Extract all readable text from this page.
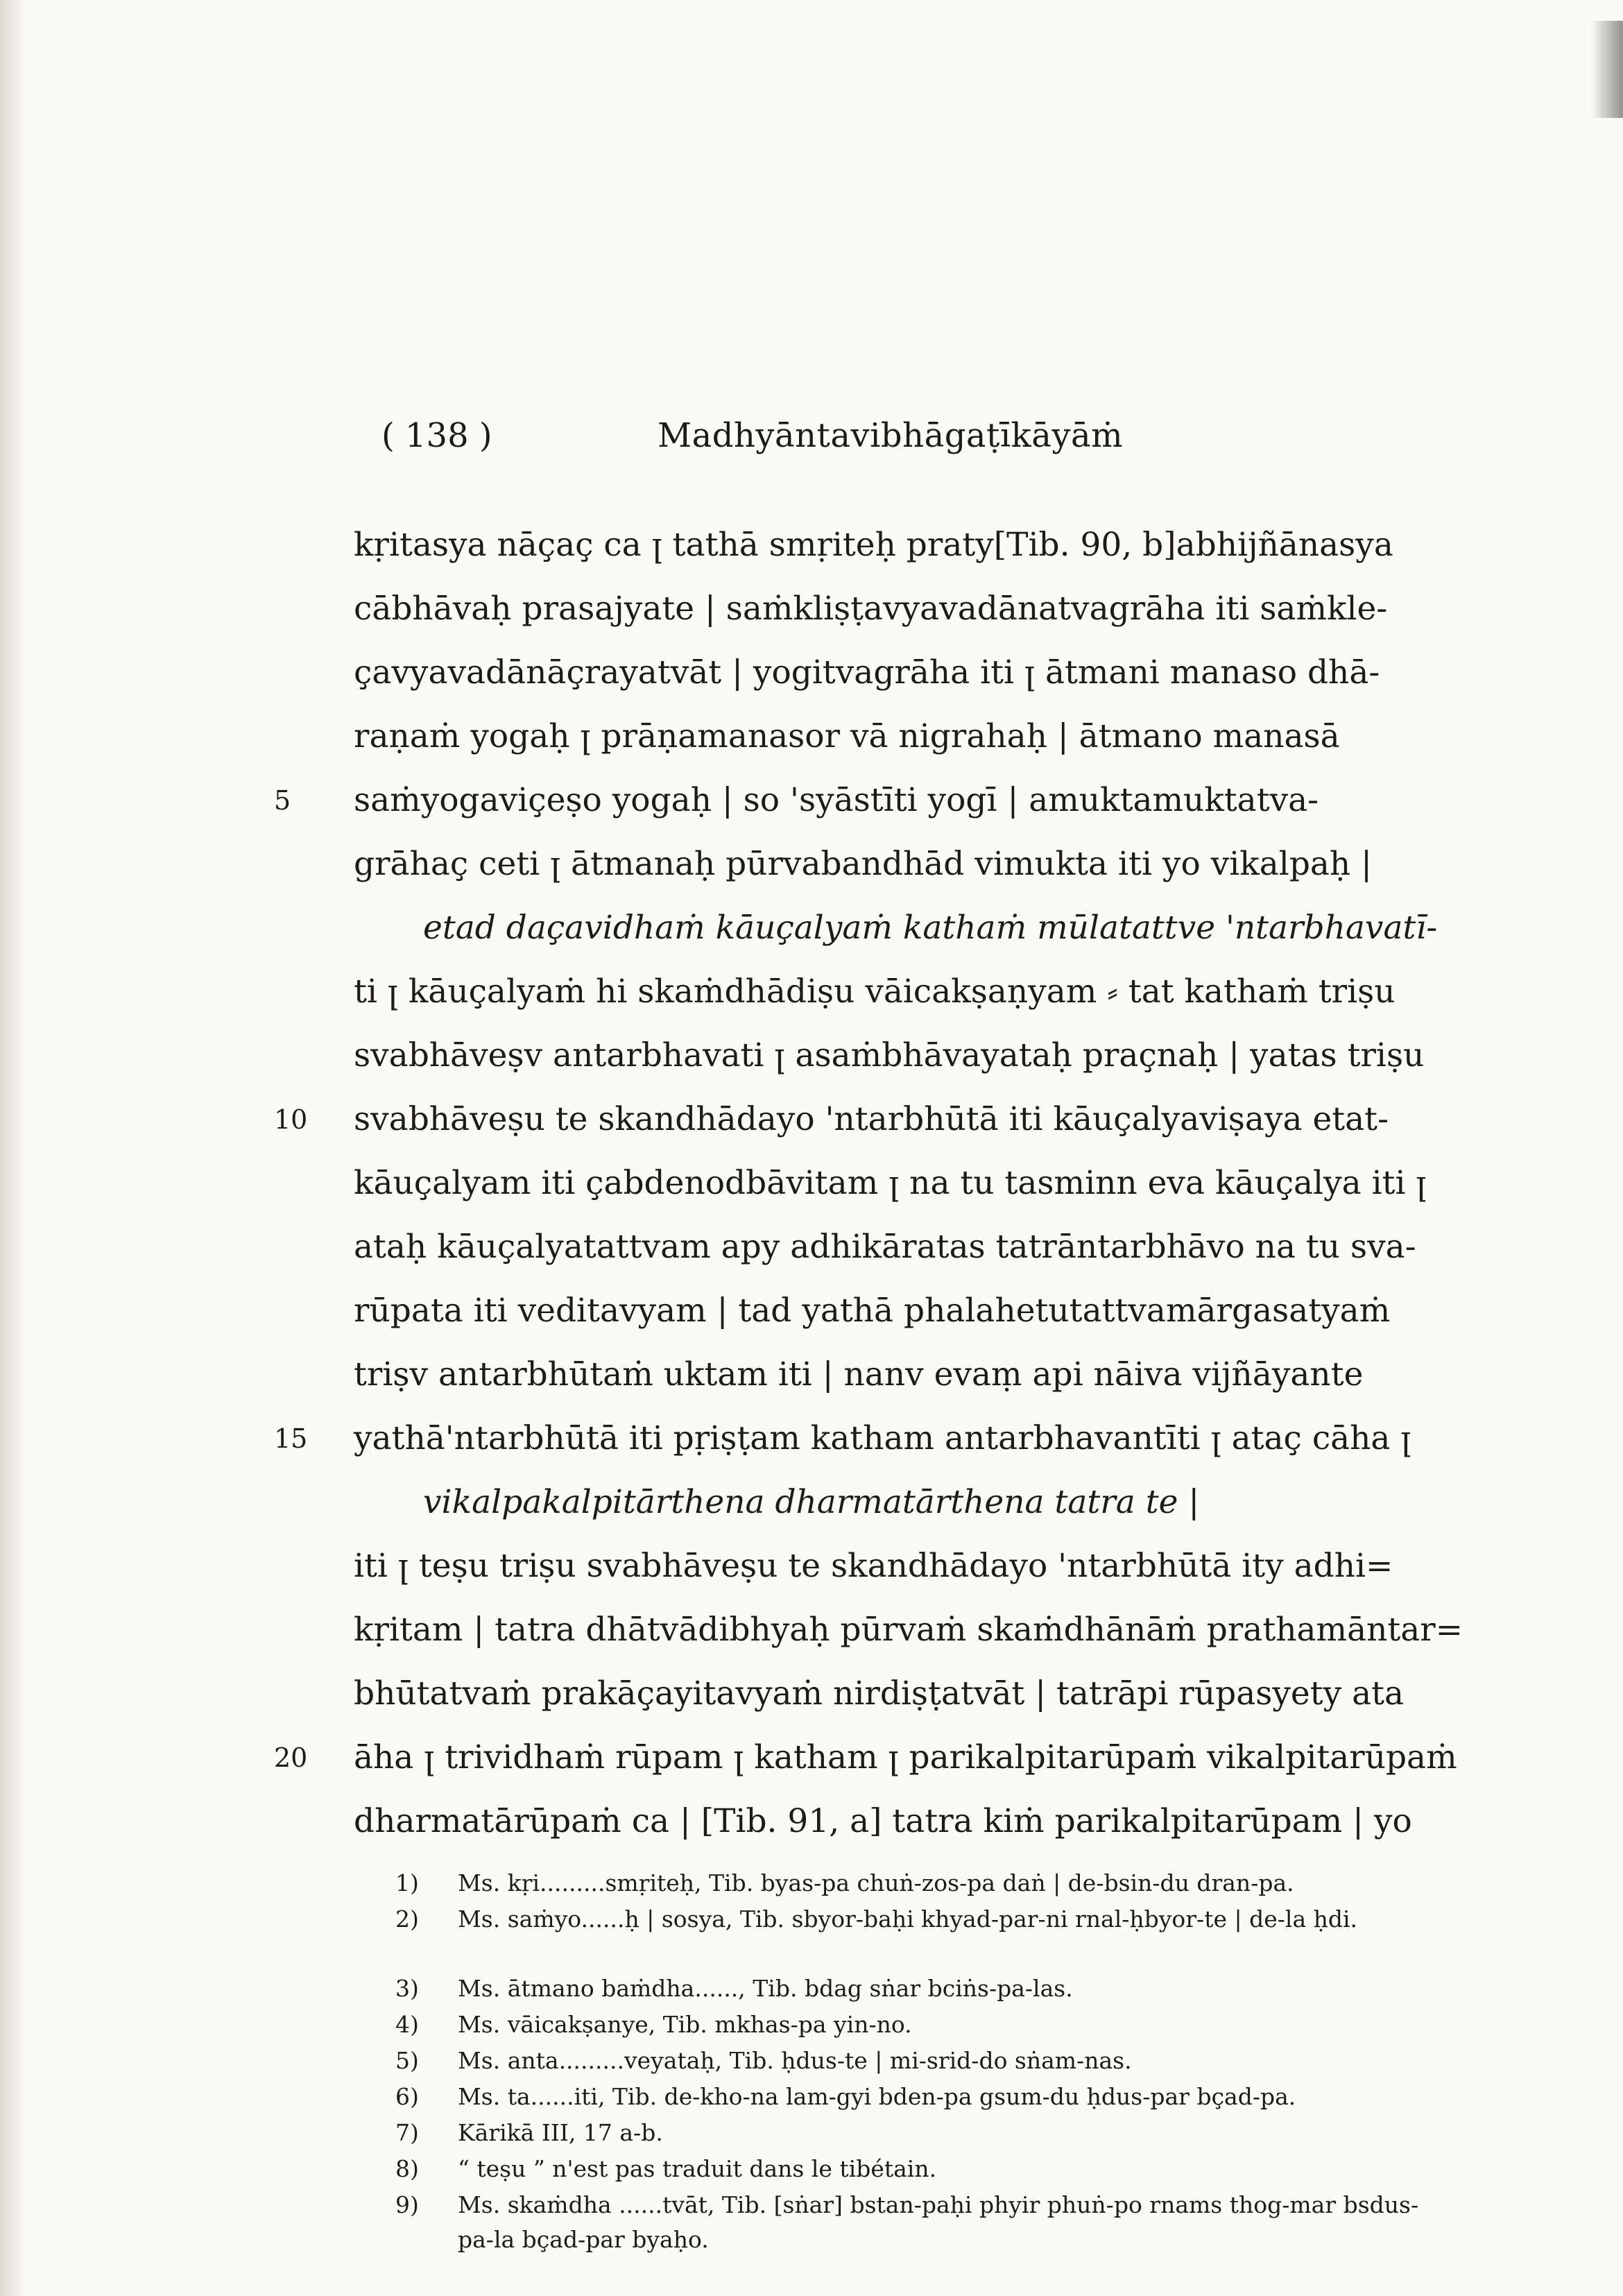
( 138 )	Madhyāntavibhāgaṭīkāyāṁ
kṛitasya nāçaç ca ꞁ tathā smṛiteḥ praty[Tib. 90, b]abhijñānasya
cābhāvaḥ prasajyate | saṁkliṣṭavyavadānatvagrāha iti saṁkle-
çavyavadānāçrayatvāt | yogitvagrāha iti ꞁ ātmani manaso dhā-
raṇaṁ yogaḥ ꞁ prāṇamanasor vā nigrahaḥ | ātmano manasā
5 saṁyogaviçeṣo yogaḥ | so 'syāstīti yogī | amuktamuktatva-
grāhaç ceti ꞁ ātmanaḥ pūrvabandhād vimukta iti yo vikalpaḥ |
etad daçavidhaṁ kāuçalyaṁ kathaṁ mūlatattve 'ntarbhavatī-
ti ꞁ kāuçalyaṁ hi skaṁdhādiṣu vāicakṣaṇyam ⸗ tat kathaṁ triṣu
svabhāveṣv antarbhavati ꞁ asaṁbhāvayataḥ praçnaḥ | yatas triṣu
10 svabhāveṣu te skandhādayo 'ntarbhūtā iti kāuçalyaviṣaya etat-
kāuçalyam iti çabdenodbāvitam ꞁ na tu tasminn eva kāuçalya iti ꞁ
ataḥ kāuçalyatattvam apy adhikāratas tatrāntarbhāvo na tu sva-
rūpata iti veditavyam | tad yathā phalahetutattvamārgasatyaṁ
triṣv antarbhūtaṁ uktam iti | nanv evaṃ api nāiva vijñāyante
15 yathā'ntarbhūtā iti pṛiṣṭam katham antarbhavantīti ꞁ ataç cāha ꞁ
vikalpakalpitārthena dharmatārthena tatra te |
iti ꞁ teṣu triṣu svabhāveṣu te skandhādayo 'ntarbhūtā ity adhi=
kṛitam | tatra dhātvādibhyaḥ pūrvaṁ skaṁdhānāṁ prathamāntar=
bhūtatvaṁ prakāçayitavyaṁ nirdiṣṭatvāt | tatrāpi rūpasyety ata
20 āha ꞁ trividhaṁ rūpam ꞁ katham ꞁ parikalpitarūpaṁ vikalpitarūpaṁ
dharmatārūpaṁ ca | [Tib. 91, a] tatra kiṁ parikalpitarūpam | yo
1)	Ms. kṛi.........smṛiteḥ, Tib. byas-pa chuṅ-zos-pa daṅ | de-bsin-du dran-pa.
2)	Ms. saṁyo......ḥ | sosya, Tib. sbyor-baḥi khyad-par-ni rnal-ḥbyor-te | de-la ḥdi.
3)	Ms. ātmano baṁdha......, Tib. bdag sṅar bciṅs-pa-las.
4)	Ms. vāicakṣanye, Tib. mkhas-pa yin-no.
5)	Ms. anta.........veyataḥ, Tib. ḥdus-te | mi-srid-do sṅam-nas.
6)	Ms. ta......iti, Tib. de-kho-na lam-gyi bden-pa gsum-du ḥdus-par bçad-pa.
7)	Kārikā III, 17 a-b.
8)	“ teṣu ” n'est pas traduit dans le tibétain.
9)	Ms. skaṁdha ......tvāt, Tib. [sṅar] bstan-paḥi phyir phuṅ-po rnams thog-mar bsdus-pa-la bçad-par byaḥo.
